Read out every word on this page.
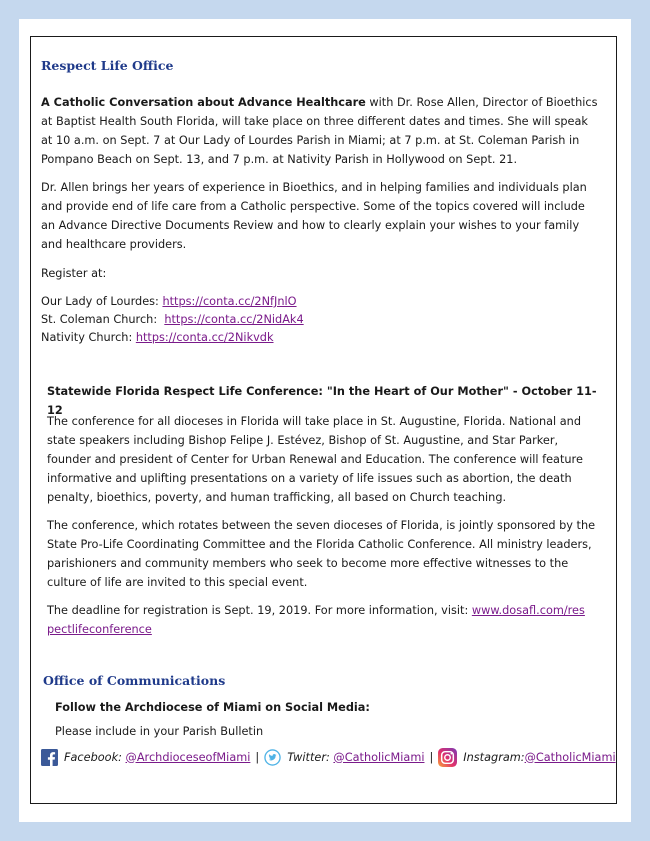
Respect Life Office

A Catholic Conversation about Advance Healthcare with Dr. Rose Allen, Director of Bioethics at Baptist Health South Florida, will take place on three different dates and times. She will speak at 10 a.m. on Sept. 7 at Our Lady of Lourdes Parish in Miami; at 7 p.m. at St. Coleman Parish in Pompano Beach on Sept. 13, and 7 p.m. at Nativity Parish in Hollywood on Sept. 21.

Dr. Allen brings her years of experience in Bioethics, and in helping families and individuals plan and provide end of life care from a Catholic perspective. Some of the topics covered will include an Advance Directive Documents Review and how to clearly explain your wishes to your family and healthcare providers.

Register at:

Our Lady of Lourdes: https://conta.cc/2NfJnlO
St. Coleman Church:  https://conta.cc/2NidAk4
Nativity Church: https://conta.cc/2Nikvdk
Statewide Florida Respect Life Conference: "In the Heart of Our Mother" - October 11-12

The conference for all dioceses in Florida will take place in St. Augustine, Florida. National and state speakers including Bishop Felipe J. Estévez, Bishop of St. Augustine, and Star Parker, founder and president of Center for Urban Renewal and Education. The conference will feature informative and uplifting presentations on a variety of life issues such as abortion, the death penalty, bioethics, poverty, and human trafficking, all based on Church teaching.

The conference, which rotates between the seven dioceses of Florida, is jointly sponsored by the State Pro-Life Coordinating Committee and the Florida Catholic Conference. All ministry leaders, parishioners and community members who seek to become more effective witnesses to the culture of life are invited to this special event.

The deadline for registration is Sept. 19, 2019. For more information, visit: www.dosafl.com/respectlifeconference

Office of Communications
Follow the Archdiocese of Miami on Social Media:
Please include in your Parish Bulletin
Facebook:
@ArchdioceseofMiami | Twitter:
@CatholicMiami |	Instagram: @CatholicMiami
